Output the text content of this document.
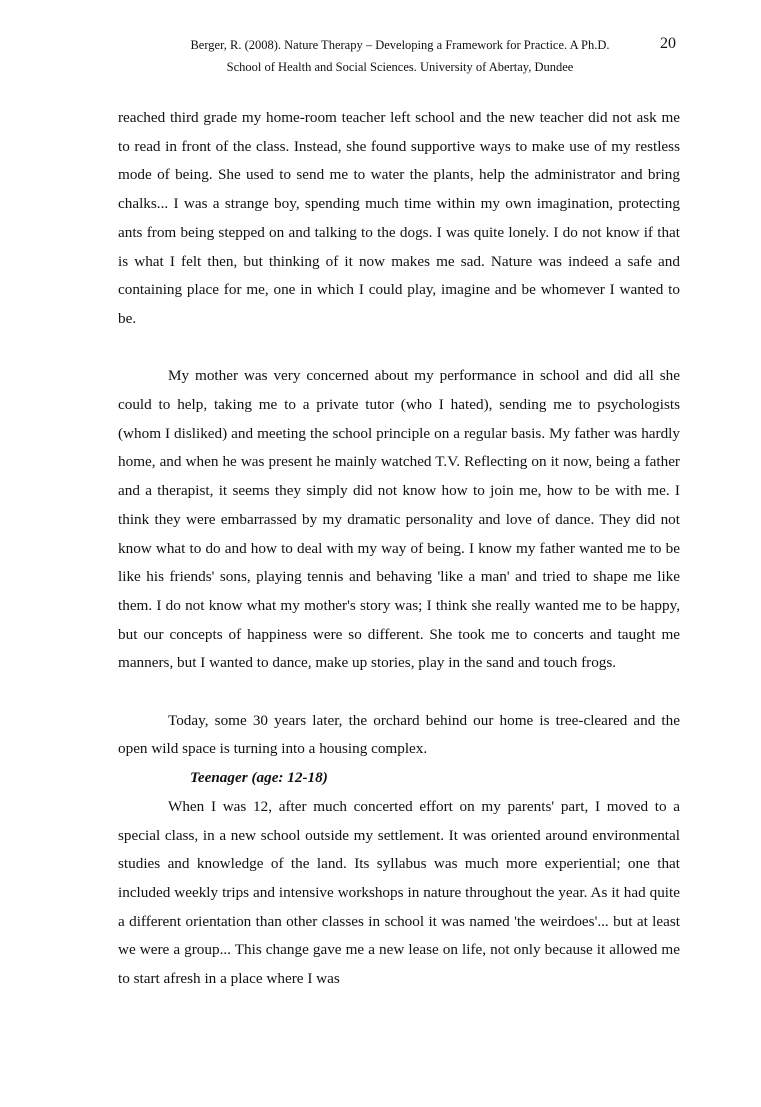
Berger, R. (2008). Nature Therapy – Developing a Framework for Practice. A Ph.D.
School of Health and Social Sciences. University of Abertay, Dundee
20

reached third grade my home-room teacher left school and the new teacher did not ask me to read in front of the class. Instead, she found supportive ways to make use of my restless mode of being. She used to send me to water the plants, help the administrator and bring chalks... I was a strange boy, spending much time within my own imagination, protecting ants from being stepped on and talking to the dogs. I was quite lonely. I do not know if that is what I felt then, but thinking of it now makes me sad. Nature was indeed a safe and containing place for me, one in which I could play, imagine and be whomever I wanted to be.

My mother was very concerned about my performance in school and did all she could to help, taking me to a private tutor (who I hated), sending me to psychologists (whom I disliked) and meeting the school principle on a regular basis. My father was hardly home, and when he was present he mainly watched T.V. Reflecting on it now, being a father and a therapist, it seems they simply did not know how to join me, how to be with me. I think they were embarrassed by my dramatic personality and love of dance. They did not know what to do and how to deal with my way of being. I know my father wanted me to be like his friends' sons, playing tennis and behaving 'like a man' and tried to shape me like them. I do not know what my mother's story was; I think she really wanted me to be happy, but our concepts of happiness were so different. She took me to concerts and taught me manners, but I wanted to dance, make up stories, play in the sand and touch frogs.

Today, some 30 years later, the orchard behind our home is tree-cleared and the open wild space is turning into a housing complex.

Teenager (age: 12-18)

When I was 12, after much concerted effort on my parents' part, I moved to a special class, in a new school outside my settlement. It was oriented around environmental studies and knowledge of the land. Its syllabus was much more experiential; one that included weekly trips and intensive workshops in nature throughout the year. As it had quite a different orientation than other classes in school it was named 'the weirdoes'... but at least we were a group... This change gave me a new lease on life, not only because it allowed me to start afresh in a place where I was
